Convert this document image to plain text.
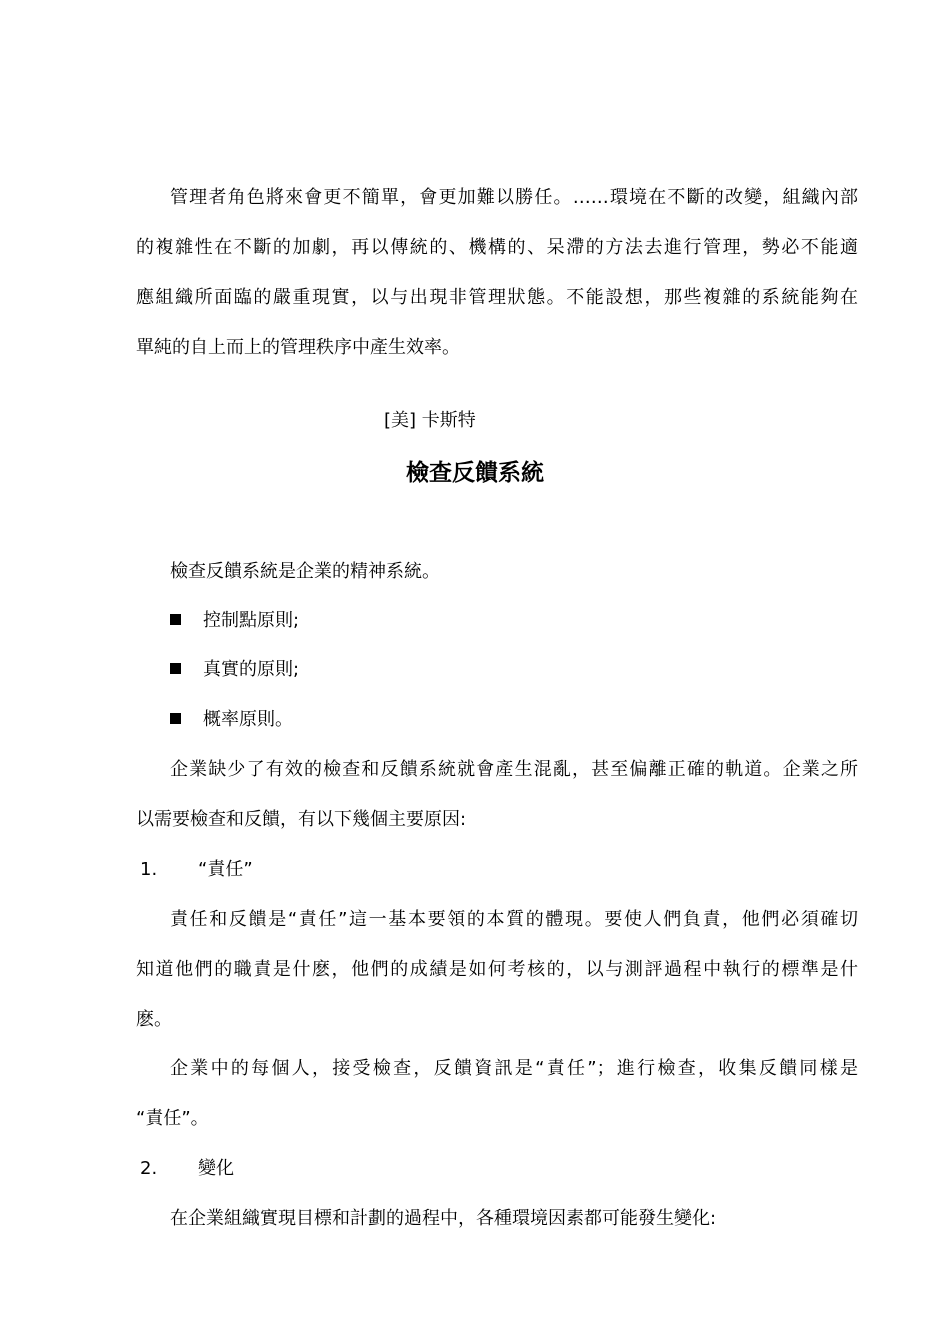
管理者角色將來會更不簡單，會更加難以勝任。……環境在不斷的改變，組織內部

的複雜性在不斷的加劇，再以傳統的、機構的、呆滯的方法去進行管理，勢必不能適

應組織所面臨的嚴重現實，以与出現非管理狀態。不能設想，那些複雜的系統能夠在

單純的自上而上的管理秩序中產生效率。

[美] 卡斯特

檢查反饋系統

檢查反饋系統是企業的精神系統。

控制點原則;
真實的原則;
概率原則。

企業缺少了有效的檢查和反饋系統就會產生混亂，甚至偏離正確的軌道。企業之所

以需要檢查和反饋，有以下幾個主要原因:

1. “責任”

責任和反饋是“責任”這一基本要領的本質的體現。要使人們負責，他們必須確切

知道他們的職責是什麽，他們的成績是如何考核的，以与測評過程中執行的標準是什

麽。

企業中的每個人，接受檢查，反饋資訊是“責任”；進行檢查，收集反饋同樣是

“責任”。

2. 變化

在企業組織實現目標和計劃的過程中，各種環境因素都可能發生變化:
